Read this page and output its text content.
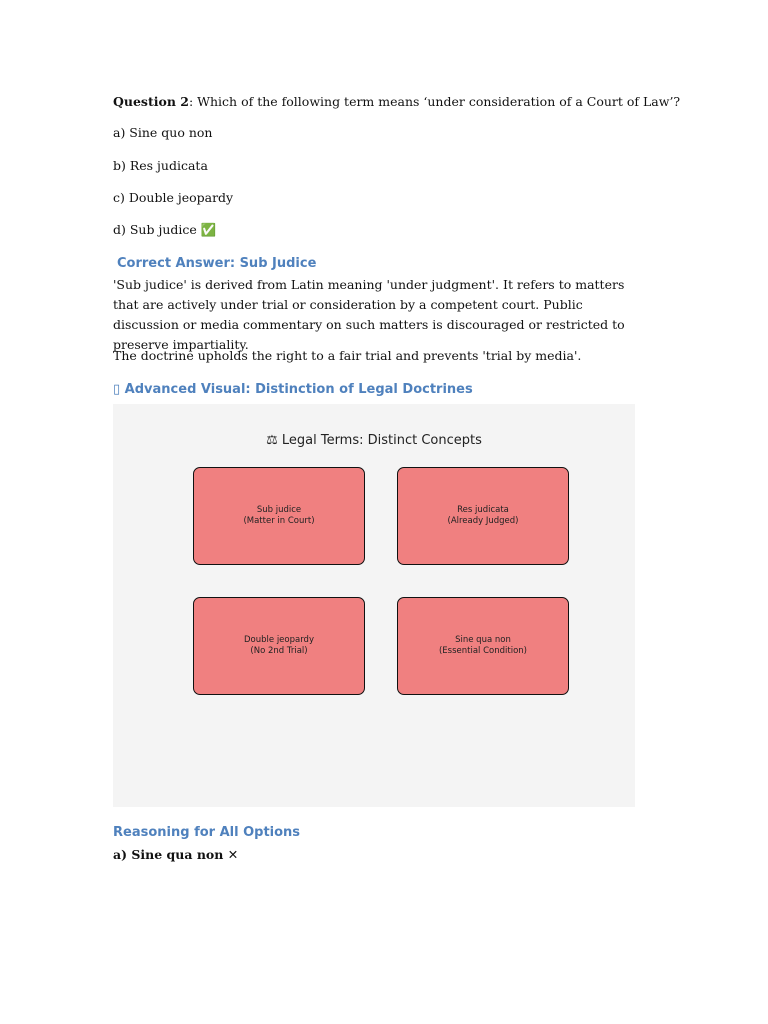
Question 2: Which of the following term means ‘under consideration of a Court of Law’?
a) Sine quo non
b) Res judicata
c) Double jeopardy
d) Sub judice ✅
Correct Answer: Sub Judice
'Sub judice' is derived from Latin meaning 'under judgment'. It refers to matters that are actively under trial or consideration by a competent court. Public discussion or media commentary on such matters is discouraged or restricted to preserve impartiality.
The doctrine upholds the right to a fair trial and prevents 'trial by media'.
▯ Advanced Visual: Distinction of Legal Doctrines
Reasoning for All Options
a) Sine qua non ✕
⚖ Legal Terms: Distinct Concepts
Sub judice
(Matter in Court)
Res judicata
(Already Judged)
Double jeopardy
(No 2nd Trial)
Sine qua non
(Essential Condition)
